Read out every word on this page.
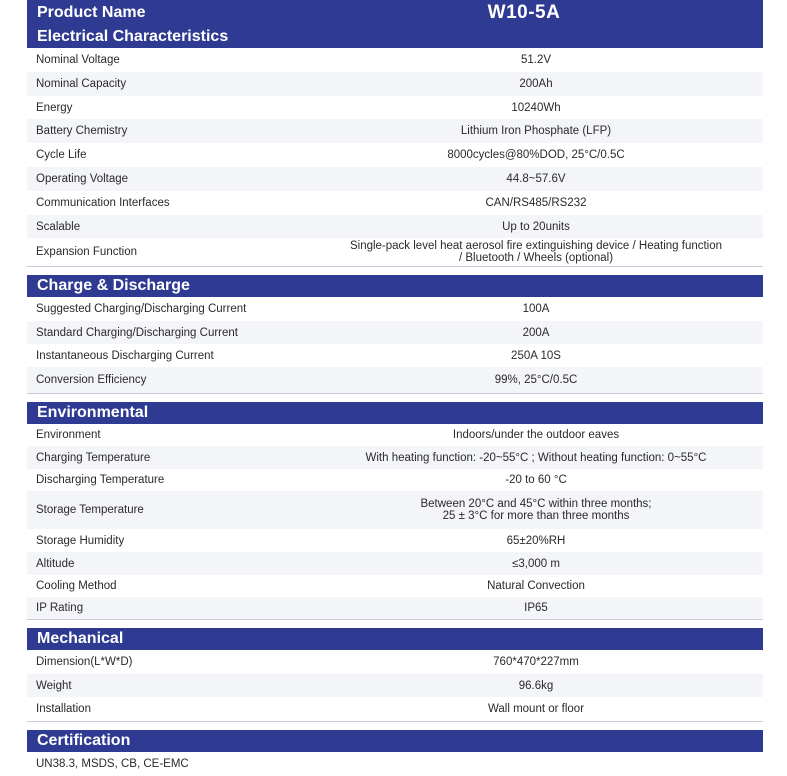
Product Name	W10-5A
Electrical Characteristics
Nominal Voltage	51.2V
Nominal Capacity	200Ah
Energy	10240Wh
Battery Chemistry	Lithium Iron Phosphate (LFP)
Cycle Life	8000cycles@80%DOD, 25°C/0.5C
Operating Voltage	44.8~57.6V
Communication Interfaces	CAN/RS485/RS232
Scalable	Up to 20units
Expansion Function	Single-pack level heat aerosol fire extinguishing device / Heating function / Bluetooth / Wheels (optional)
Charge & Discharge
Suggested Charging/Discharging Current	100A
Standard Charging/Discharging Current	200A
Instantaneous Discharging Current	250A 10S
Conversion Efficiency	99%, 25°C/0.5C
Environmental
Environment	Indoors/under the outdoor eaves
Charging Temperature	With heating function: -20~55°C ; Without heating function: 0~55°C
Discharging Temperature	-20 to 60 °C
Storage Temperature	Between 20°C and 45°C within three months;
25 ± 3°C for more than three months
Storage Humidity	65±20%RH
Altitude	≤3,000 m
Cooling Method	Natural Convection
IP Rating	IP65
Mechanical
Dimension(L*W*D)	760*470*227mm
Weight	96.6kg
Installation	Wall mount or floor
Certification
UN38.3, MSDS, CB, CE-EMC
